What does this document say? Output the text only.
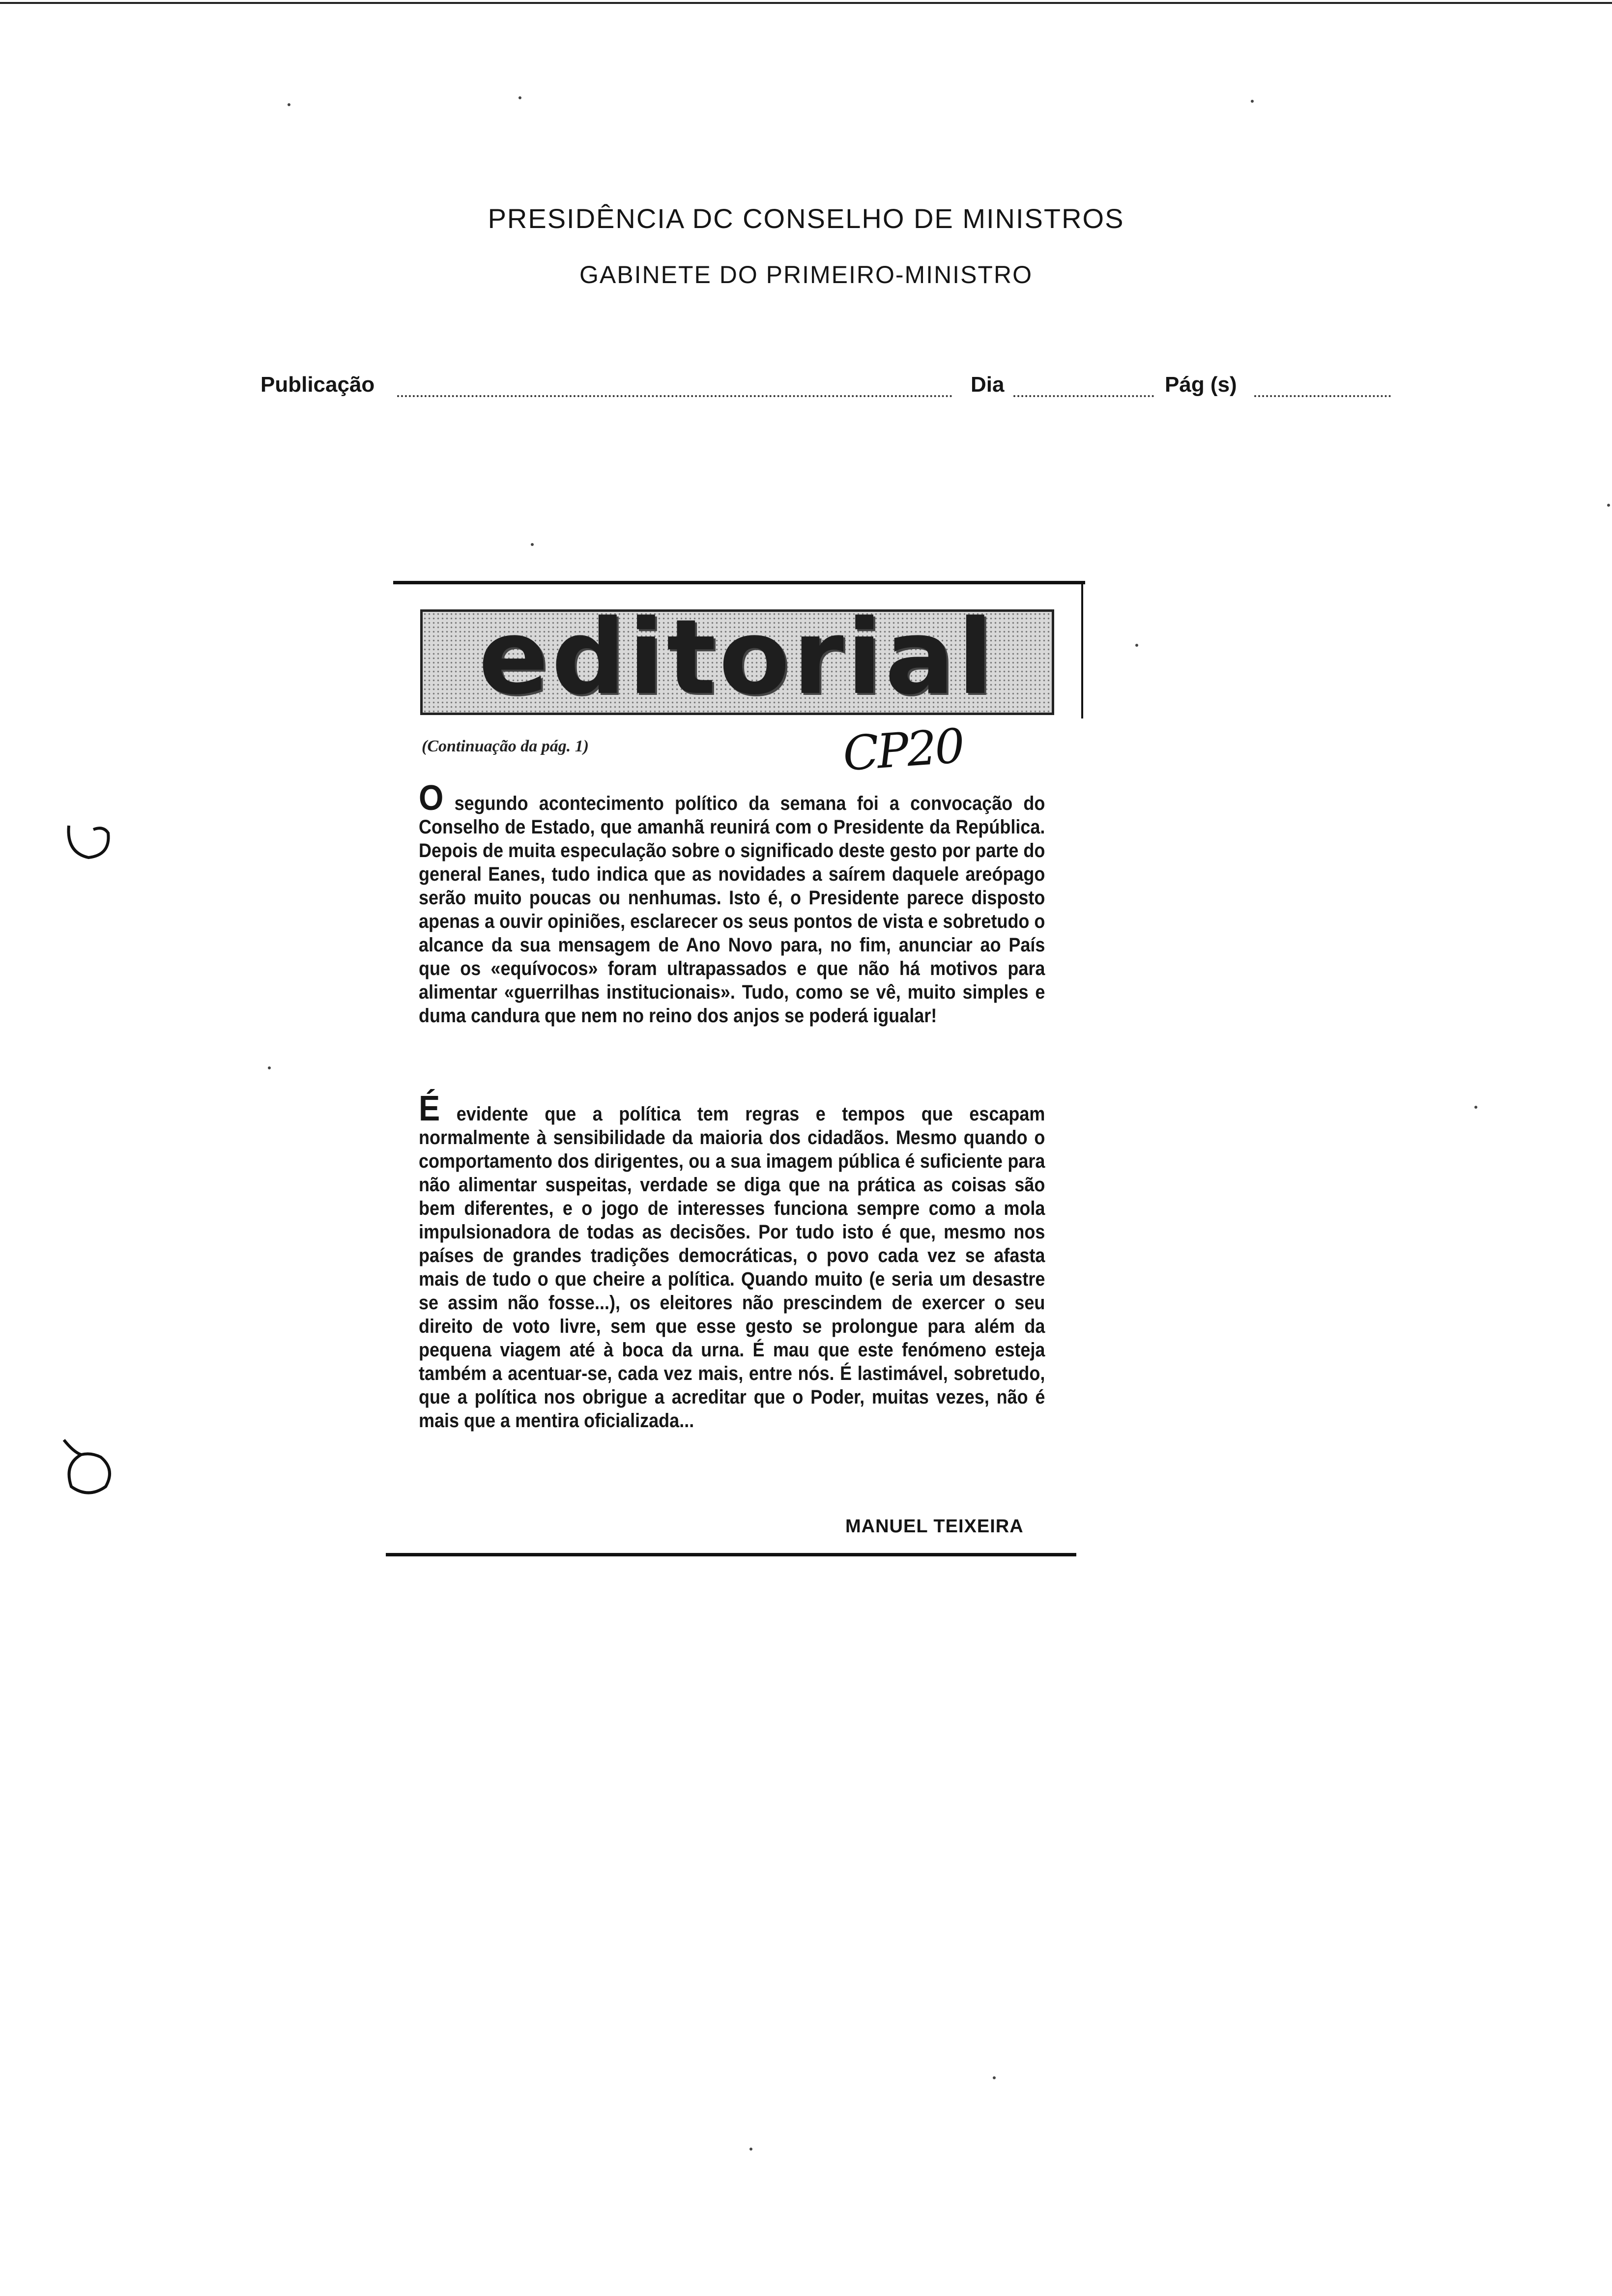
PRESIDÊNCIA DC CONSELHO DE MINISTROS
GABINETE DO PRIMEIRO-MINISTRO
Publicação	Dia	Pág (s)
editorial
(Continuação da pág. 1)	CP20
O segundo acontecimento político da semana foi a convocação do Conselho de Estado, que amanhã reunirá com o Presidente da República. Depois de muita especulação sobre o significado deste gesto por parte do general Eanes, tudo indica que as novidades a saírem daquele areópago serão muito poucas ou nenhumas. Isto é, o Presidente parece disposto apenas a ouvir opiniões, esclarecer os seus pontos de vista e sobretudo o alcance da sua mensagem de Ano Novo para, no fim, anunciar ao País que os «equívocos» foram ultrapassados e que não há motivos para alimentar «guerrilhas institucionais». Tudo, como se vê, muito simples e duma candura que nem no reino dos anjos se poderá igualar!
É evidente que a política tem regras e tempos que escapam normalmente à sensibilidade da maioria dos cidadãos. Mesmo quando o comportamento dos dirigentes, ou a sua imagem pública é suficiente para não alimentar suspeitas, verdade se diga que na prática as coisas são bem diferentes, e o jogo de interesses funciona sempre como a mola impulsionadora de todas as decisões. Por tudo isto é que, mesmo nos países de grandes tradições democráticas, o povo cada vez se afasta mais de tudo o que cheire a política. Quando muito (e seria um desastre se assim não fosse...), os eleitores não prescindem de exercer o seu direito de voto livre, sem que esse gesto se prolongue para além da pequena viagem até à boca da urna. É mau que este fenómeno esteja também a acentuar-se, cada vez mais, entre nós. É lastimável, sobretudo, que a política nos obrigue a acreditar que o Poder, muitas vezes, não é mais que a mentira oficializada...
MANUEL TEIXEIRA
